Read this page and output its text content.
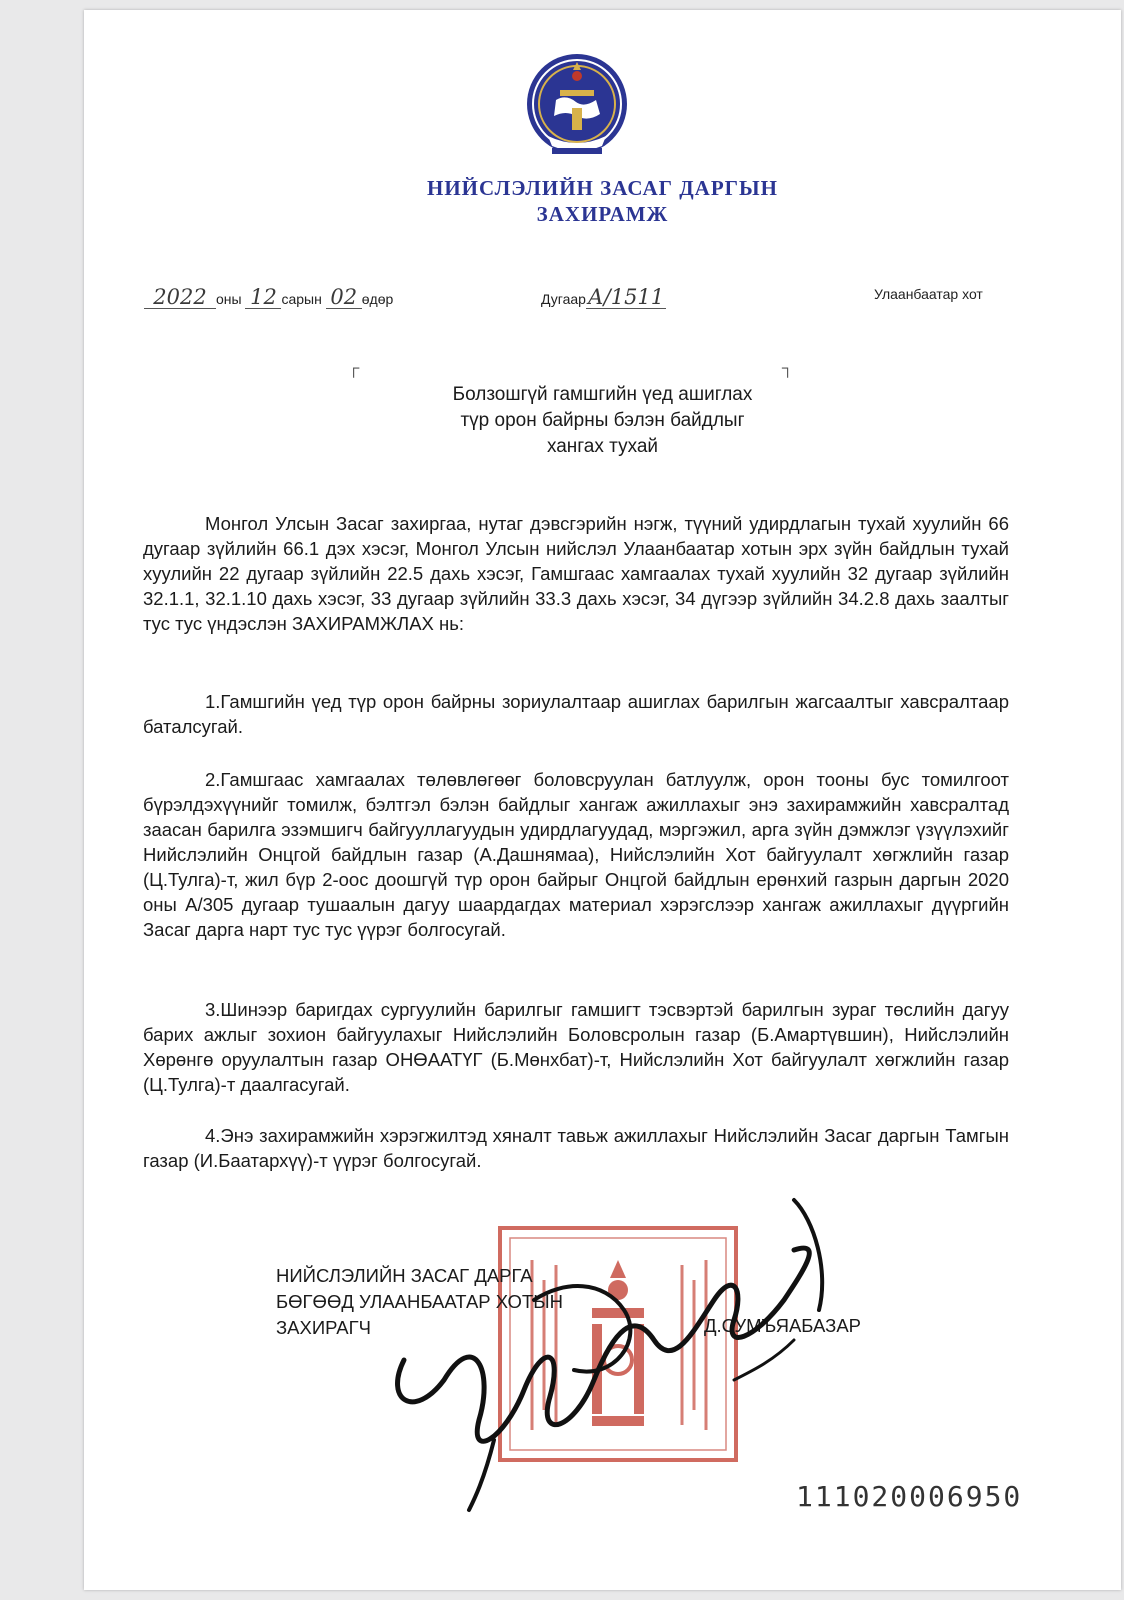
НИЙСЛЭЛИЙН ЗАСАГ ДАРГЫН
ЗАХИРАМЖ
2022 оны 12 сарын 02 өдөр	ДугаарА/1511	Улаанбаатар хот
┌	┐
Болзошгүй гамшгийн үед ашиглах
түр орон байрны бэлэн байдлыг
хангах тухай

Монгол Улсын Засаг захиргаа, нутаг дэвсгэрийн нэгж, түүний удирдлагын тухай хуулийн 66 дугаар зүйлийн 66.1 дэх хэсэг, Монгол Улсын нийслэл Улаанбаатар хотын эрх зүйн байдлын тухай хуулийн 22 дугаар зүйлийн 22.5 дахь хэсэг, Гамшгаас хамгаалах тухай хуулийн 32 дугаар зүйлийн 32.1.1, 32.1.10 дахь хэсэг, 33 дугаар зүйлийн 33.3 дахь хэсэг, 34 дүгээр зүйлийн 34.2.8 дахь заалтыг тус тус үндэслэн ЗАХИРАМЖЛАХ нь:

1.Гамшгийн үед түр орон байрны зориулалтаар ашиглах барилгын жагсаалтыг хавсралтаар баталсугай.

2.Гамшгаас хамгаалах төлөвлөгөөг боловсруулан батлуулж, орон тооны бус томилгоот бүрэлдэхүүнийг томилж, бэлтгэл бэлэн байдлыг хангаж ажиллахыг энэ захирамжийн хавсралтад заасан барилга эзэмшигч байгууллагуудын удирдлагуудад, мэргэжил, арга зүйн дэмжлэг үзүүлэхийг Нийслэлийн Онцгой байдлын газар (А.Дашнямаа), Нийслэлийн Хот байгуулалт хөгжлийн газар (Ц.Тулга)-т, жил бүр 2-оос доошгүй түр орон байрыг Онцгой байдлын ерөнхий газрын даргын 2020 оны А/305 дугаар тушаалын дагуу шаардагдах материал хэрэгслээр хангаж ажиллахыг дүүргийн Засаг дарга нарт тус тус үүрэг болгосугай.

3.Шинээр баригдах сургуулийн барилгыг гамшигт тэсвэртэй барилгын зураг төслийн дагуу барих ажлыг зохион байгуулахыг Нийслэлийн Боловсролын газар (Б.Амартүвшин), Нийслэлийн Хөрөнгө оруулалтын газар ОНӨААТҮГ (Б.Мөнхбат)-т, Нийслэлийн Хот байгуулалт хөгжлийн газар (Ц.Тулга)-т даалгасугай.

4.Энэ захирамжийн хэрэгжилтэд хяналт тавьж ажиллахыг Нийслэлийн Засаг даргын Тамгын газар (И.Баатархүү)-т үүрэг болгосугай.

НИЙСЛЭЛИЙН ЗАСАГ ДАРГА
БӨГӨӨД УЛААНБААТАР ХОТЫН
ЗАХИРАГЧ	Д.СУМЪЯАБАЗАР
111020006950
